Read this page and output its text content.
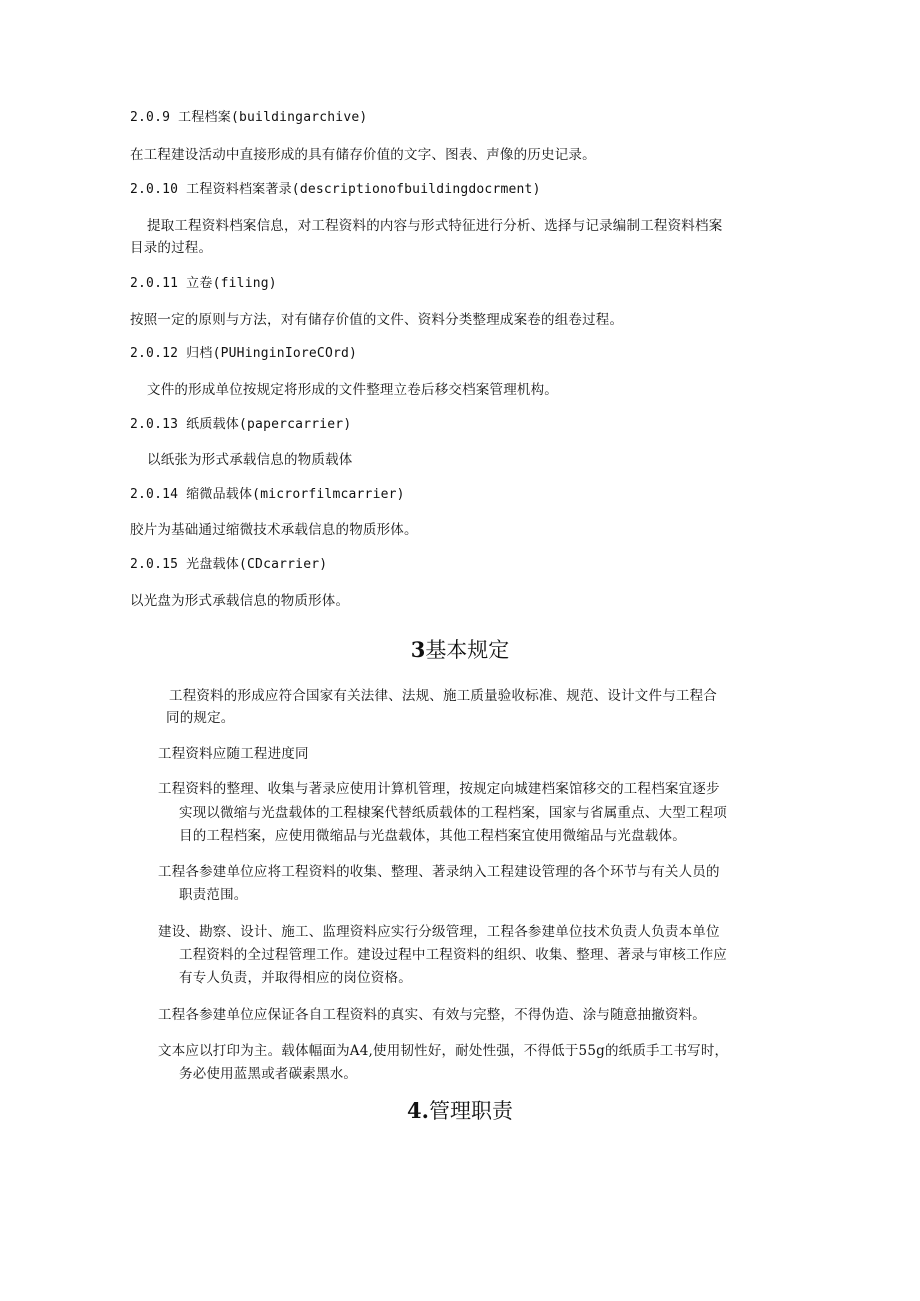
2.0.9 工程档案(buildingarchive)
在工程建设活动中直接形成的具有储存价值的文字、图表、声像的历史记录。
2.0.10 工程资料档案著录(descriptionofbuildingdocrment)
提取工程资料档案信息，对工程资料的内容与形式特征进行分析、选择与记录编制工程资料档案
目录的过程。
2.0.11 立卷(filing)
按照一定的原则与方法，对有储存价值的文件、资料分类整理成案卷的组卷过程。
2.0.12 归档(PUHinginIoreCOrd)
文件的形成单位按规定将形成的文件整理立卷后移交档案管理机构。
2.0.13 纸质载体(papercarrier)
以纸张为形式承载信息的物质载体
2.0.14 缩微品载体(microrfilmcarrier)
胶片为基础通过缩微技术承载信息的物质形体。
2.0.15 光盘载体(CDcarrier)
以光盘为形式承载信息的物质形体。
3基本规定
工程资料的形成应符合国家有关法律、法规、施工质量验收标准、规范、设计文件与工程合
同的规定。
工程资料应随工程进度同
工程资料的整理、收集与著录应使用计算机管理，按规定向城建档案馆移交的工程档案宜逐步
实现以微缩与光盘载体的工程棣案代替纸质载体的工程档案，国家与省属重点、大型工程项
目的工程档案，应使用微缩品与光盘载体，其他工程档案宜使用微缩品与光盘载体。
工程各参建单位应将工程资料的收集、整理、著录纳入工程建设管理的各个环节与有关人员的
职责范围。
建设、勘察、设计、施工、监理资料应实行分级管理，工程各参建单位技术负责人负责本单位
工程资料的全过程管理工作。建设过程中工程资料的组织、收集、整理、著录与审核工作应
有专人负责，并取得相应的岗位资格。
工程各参建单位应保证各自工程资料的真实、有效与完整，不得伪造、涂与随意抽撤资料。
文本应以打印为主。载体幅面为A4,使用韧性好，耐处性强，不得低于55g的纸质手工书写时，
务必使用蓝黑或者碳素黑水。
4.管理职责
